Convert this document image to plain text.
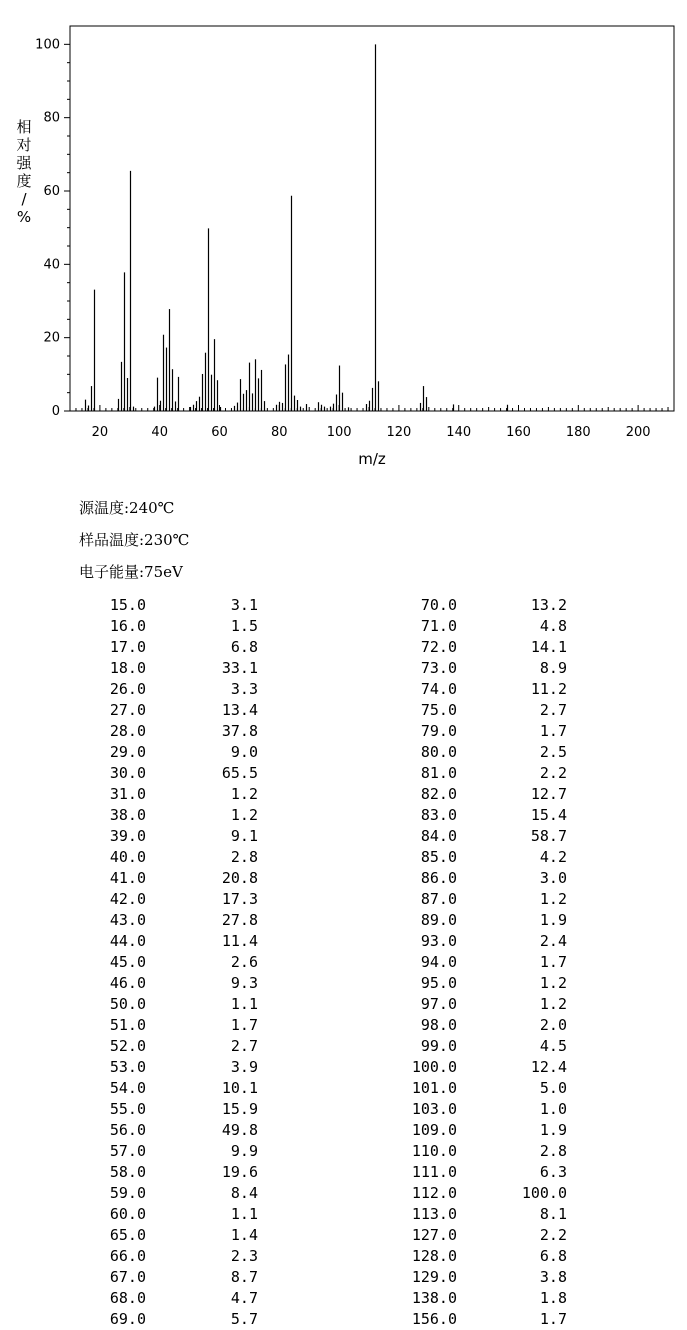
0
20
40
60
80
100
20	40	60	80	100	120	140	160	180	200
m/z
相对强度/ %
源温度:240℃
样品温度:230℃
电子能量:75eV
15.0	3.1
16.0	1.5
17.0	6.8
18.0	33.1
26.0	3.3
27.0	13.4
28.0	37.8
29.0	9.0
30.0	65.5
31.0	1.2
38.0	1.2
39.0	9.1
40.0	2.8
41.0	20.8
42.0	17.3
43.0	27.8
44.0	11.4
45.0	2.6
46.0	9.3
50.0	1.1
51.0	1.7
52.0	2.7
53.0	3.9
54.0	10.1
55.0	15.9
56.0	49.8
57.0	9.9
58.0	19.6
59.0	8.4
60.0	1.1
65.0	1.4
66.0	2.3
67.0	8.7
68.0	4.7
69.0	5.7
70.0	13.2
71.0	4.8
72.0	14.1
73.0	8.9
74.0	11.2
75.0	2.7
79.0	1.7
80.0	2.5
81.0	2.2
82.0	12.7
83.0	15.4
84.0	58.7
85.0	4.2
86.0	3.0
87.0	1.2
89.0	1.9
93.0	2.4
94.0	1.7
95.0	1.2
97.0	1.2
98.0	2.0
99.0	4.5
100.0	12.4
101.0	5.0
103.0	1.0
109.0	1.9
110.0	2.8
111.0	6.3
112.0	100.0
113.0	8.1
127.0	2.2
128.0	6.8
129.0	3.8
138.0	1.8
156.0	1.7
